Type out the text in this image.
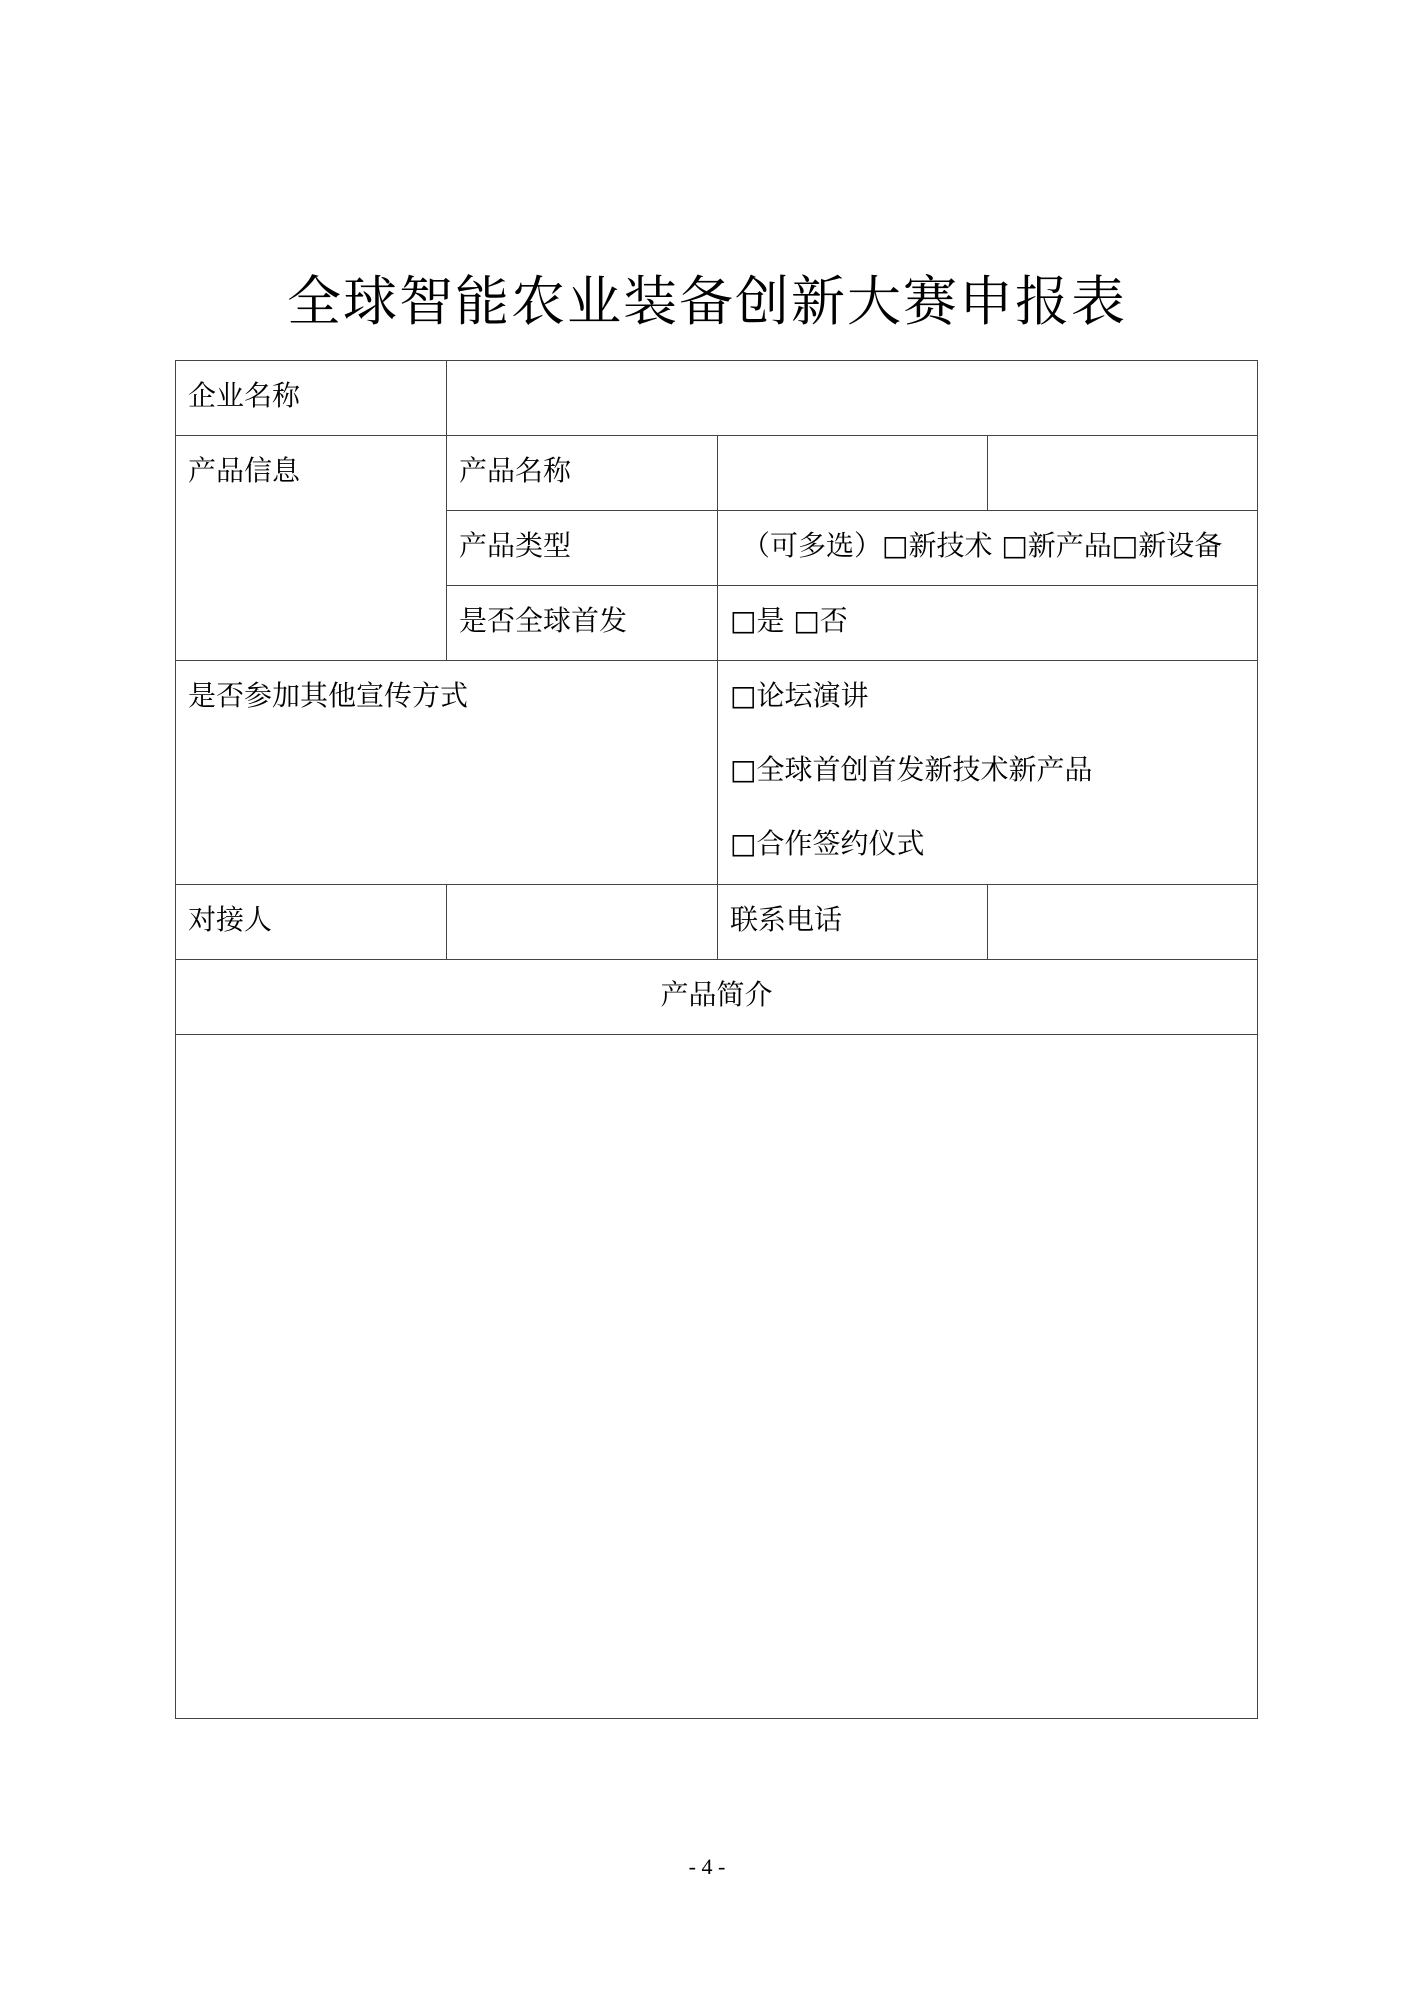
全球智能农业装备创新大赛申报表
企业名称			
产品信息	产品名称		
	产品类型	（可多选）□新技术 □新产品□新设备	
	是否全球首发	□是 □否	
是否参加其他宣传方式		□论坛演讲
□全球首创首发新技术新产品
□合作签约仪式	

对接人		联系电话	
产品简介			

- 4 -
